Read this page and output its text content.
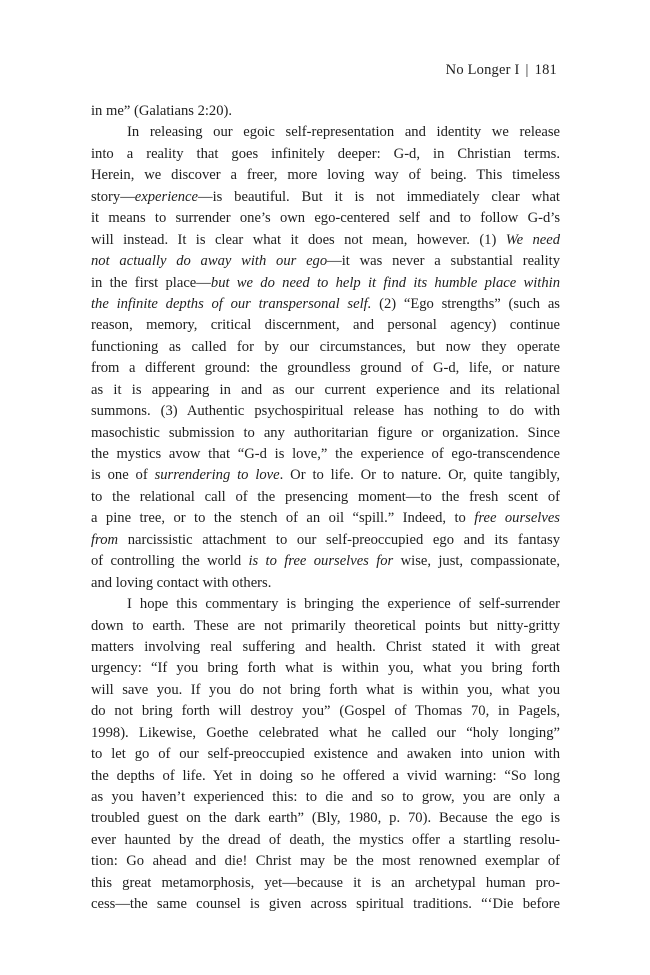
No Longer I | 181
in me” (Galatians 2:20).
In releasing our egoic self-representation and identity we release
into a reality that goes infinitely deeper: G-d, in Christian terms.
Herein, we discover a freer, more loving way of being. This timeless
story—experience—is beautiful. But it is not immediately clear what
it means to surrender one’s own ego-centered self and to follow G-d’s
will instead. It is clear what it does not mean, however. (1) We need
not actually do away with our ego—it was never a substantial reality
in the first place—but we do need to help it find its humble place within
the infinite depths of our transpersonal self. (2) “Ego strengths” (such as
reason, memory, critical discernment, and personal agency) continue
functioning as called for by our circumstances, but now they operate
from a different ground: the groundless ground of G-d, life, or nature
as it is appearing in and as our current experience and its relational
summons. (3) Authentic psychospiritual release has nothing to do with
masochistic submission to any authoritarian figure or organization. Since
the mystics avow that “G-d is love,” the experience of ego-transcendence
is one of surrendering to love. Or to life. Or to nature. Or, quite tangibly,
to the relational call of the presencing moment—to the fresh scent of
a pine tree, or to the stench of an oil “spill.” Indeed, to free ourselves
from narcissistic attachment to our self-preoccupied ego and its fantasy
of controlling the world is to free ourselves for wise, just, compassionate,
and loving contact with others.
I hope this commentary is bringing the experience of self-surrender
down to earth. These are not primarily theoretical points but nitty-gritty
matters involving real suffering and health. Christ stated it with great
urgency: “If you bring forth what is within you, what you bring forth
will save you. If you do not bring forth what is within you, what you
do not bring forth will destroy you” (Gospel of Thomas 70, in Pagels,
1998). Likewise, Goethe celebrated what he called our “holy longing”
to let go of our self-preoccupied existence and awaken into union with
the depths of life. Yet in doing so he offered a vivid warning: “So long
as you haven’t experienced this: to die and so to grow, you are only a
troubled guest on the dark earth” (Bly, 1980, p. 70). Because the ego is
ever haunted by the dread of death, the mystics offer a startling resolu-
tion: Go ahead and die! Christ may be the most renowned exemplar of
this great metamorphosis, yet—because it is an archetypal human pro-
cess—the same counsel is given across spiritual traditions. “‘Die before
